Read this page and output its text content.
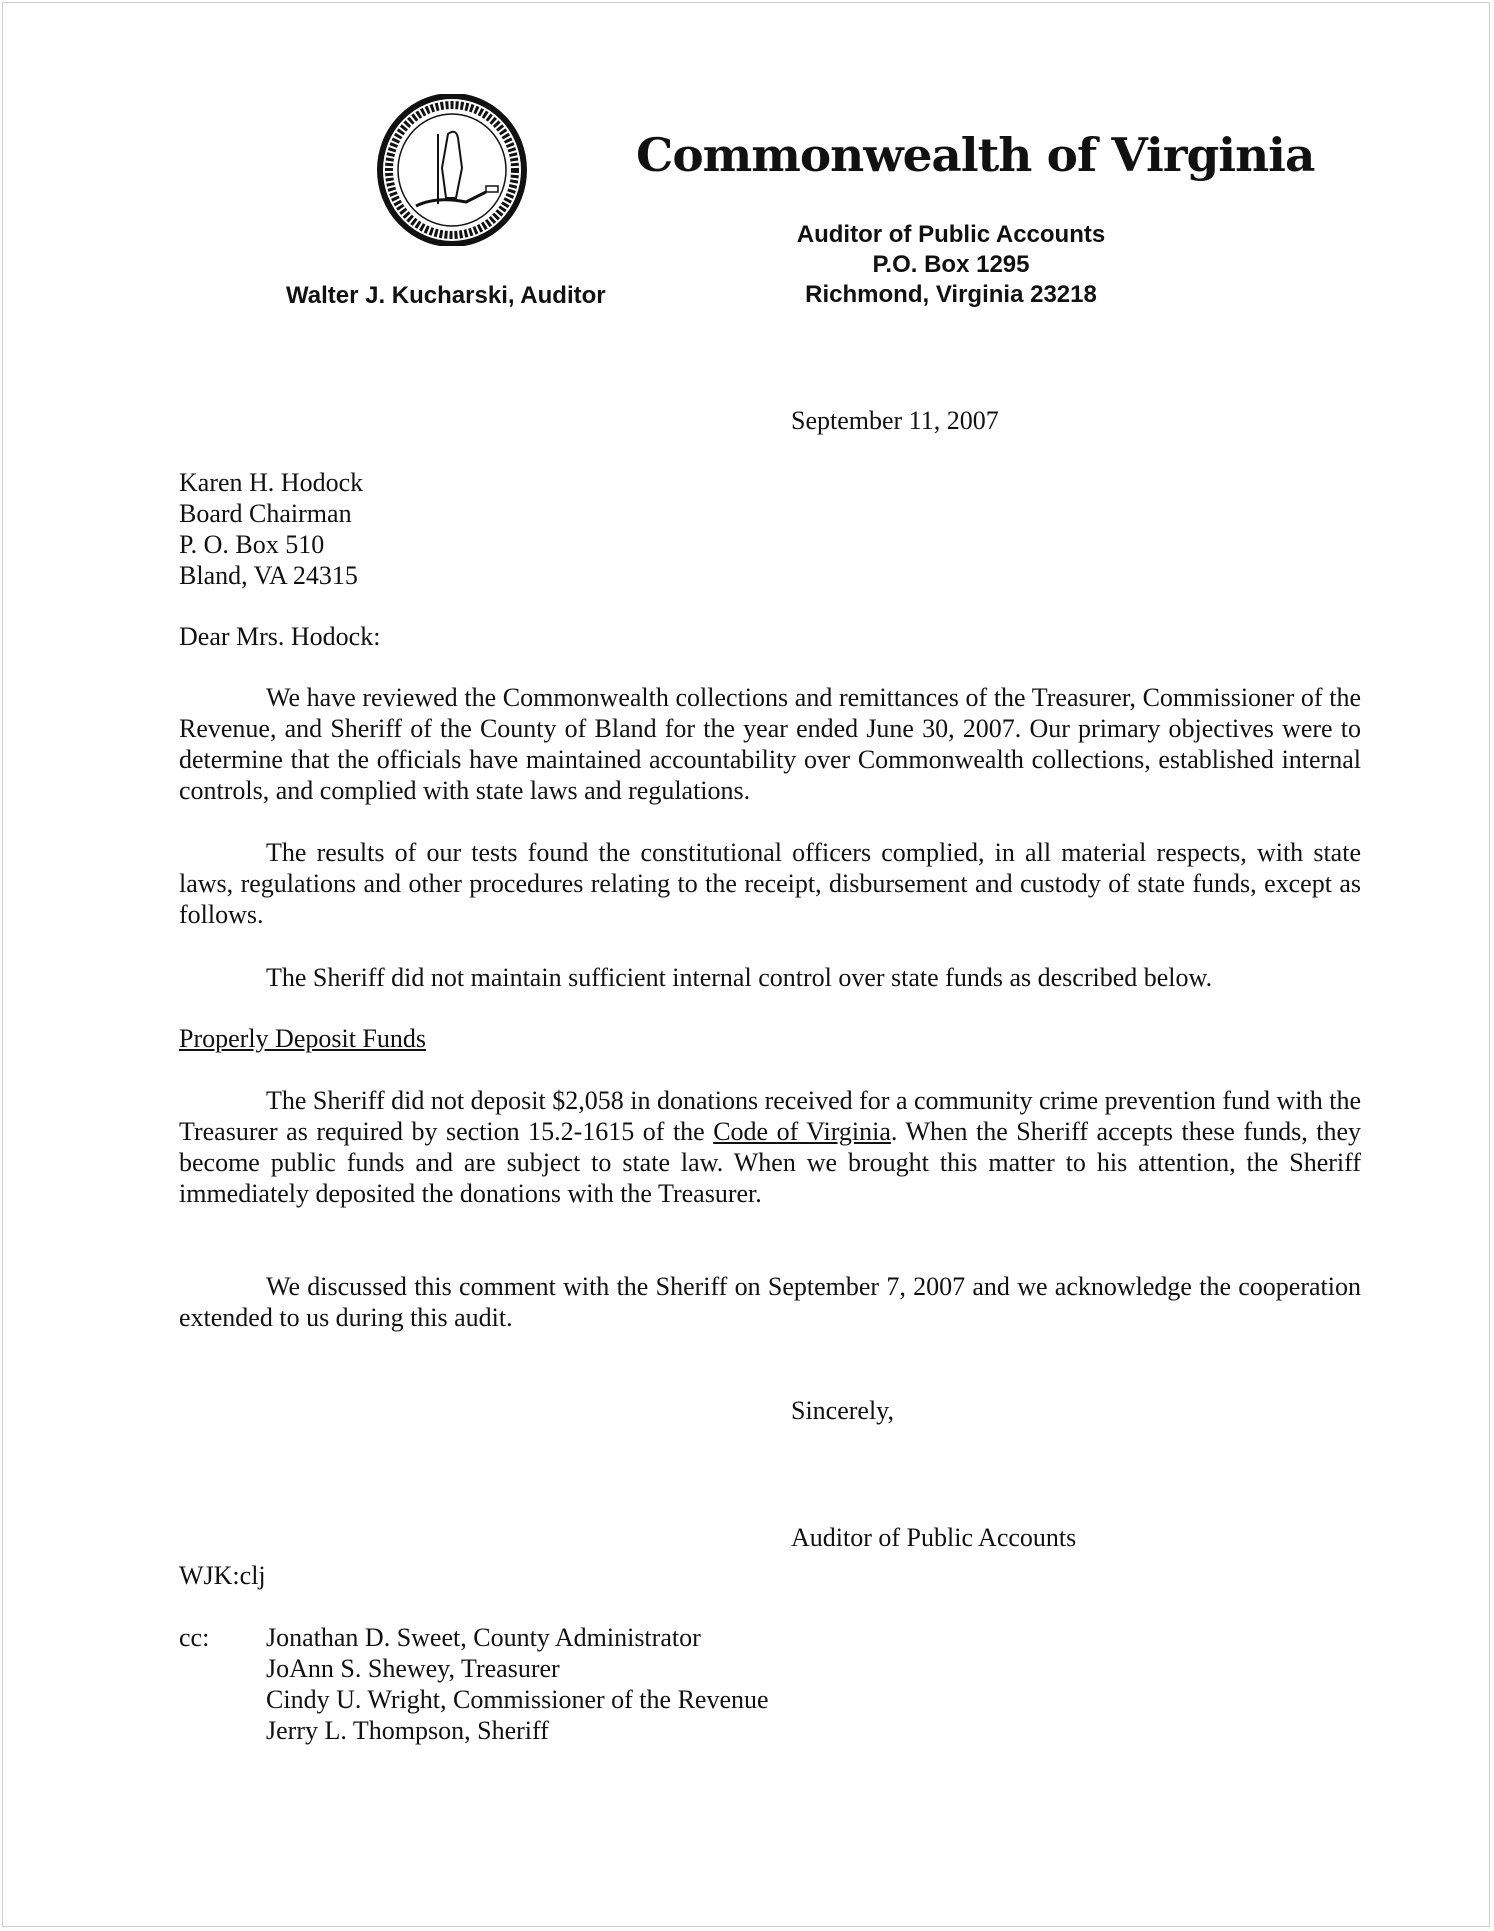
Commonwealth of Virginia
Auditor of Public Accounts
P.O. Box 1295
Richmond, Virginia 23218
Walter J. Kucharski, Auditor
September 11, 2007
Karen H. Hodock
Board Chairman
P. O. Box 510
Bland, VA 24315
Dear Mrs. Hodock:
We have reviewed the Commonwealth collections and remittances of the Treasurer, Commissioner of the Revenue, and Sheriff of the County of Bland for the year ended June 30, 2007. Our primary objectives were to determine that the officials have maintained accountability over Commonwealth collections, established internal controls, and complied with state laws and regulations.
The results of our tests found the constitutional officers complied, in all material respects, with state laws, regulations and other procedures relating to the receipt, disbursement and custody of state funds, except as follows.
The Sheriff did not maintain sufficient internal control over state funds as described below.
Properly Deposit Funds
The Sheriff did not deposit $2,058 in donations received for a community crime prevention fund with the Treasurer as required by section 15.2-1615 of the Code of Virginia. When the Sheriff accepts these funds, they become public funds and are subject to state law. When we brought this matter to his attention, the Sheriff immediately deposited the donations with the Treasurer.
We discussed this comment with the Sheriff on September 7, 2007 and we acknowledge the cooperation extended to us during this audit.
Sincerely,
Auditor of Public Accounts
WJK:clj
cc: Jonathan D. Sweet, County Administrator
JoAnn S. Shewey, Treasurer
Cindy U. Wright, Commissioner of the Revenue
Jerry L. Thompson, Sheriff
